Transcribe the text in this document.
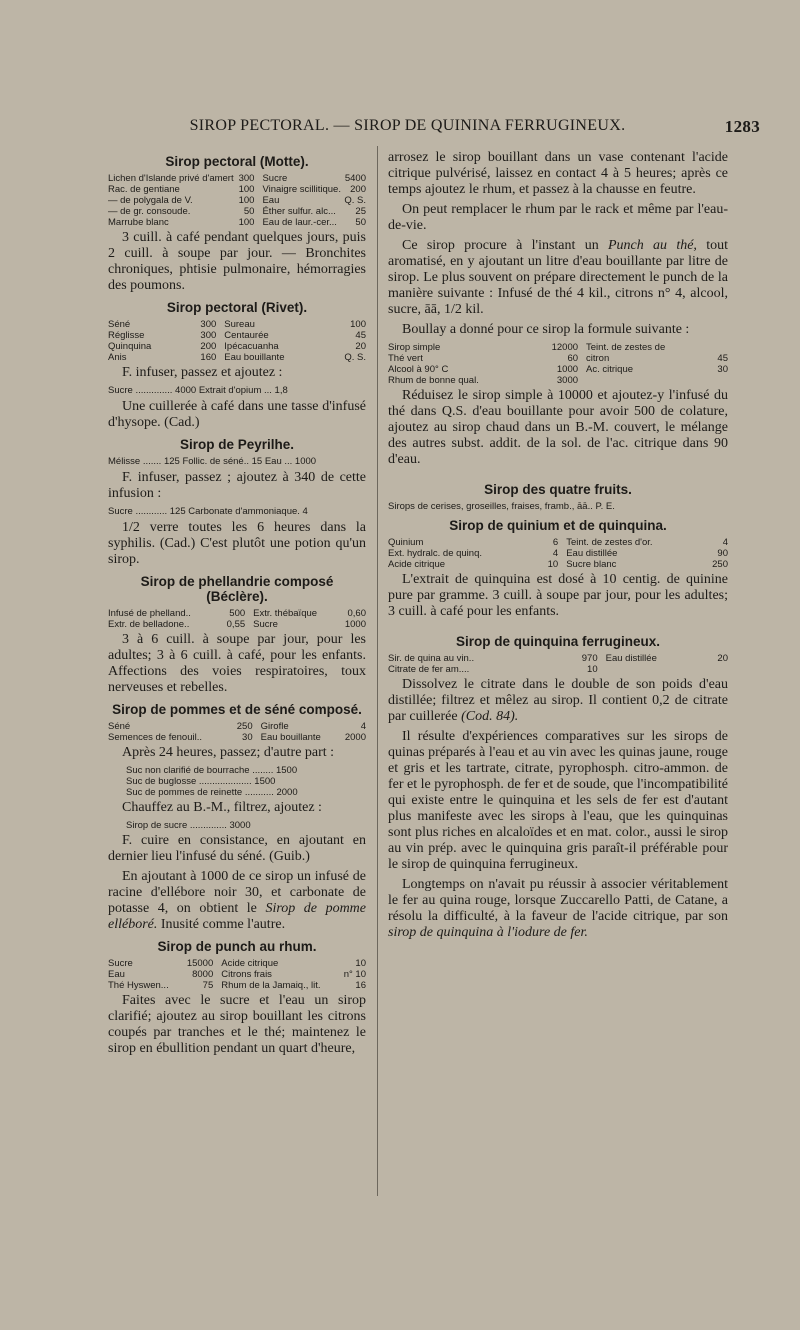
SIROP PECTORAL. — SIROP DE QUININA FERRUGINEUX.	1283
Sirop pectoral (Motte).
Lichen d'Islande privé d'amert	300	Sucre	5400
Rac. de gentiane	100	Vinaigre scillitique.	200
— de polygala de V.	100	Eau	Q. S.
— de gr. consoude.	50	Éther sulfur. alc...	25
Marrube blanc	100	Eau de laur.-cer...	50

3 cuill. à café pendant quelques jours, puis 2 cuill. à soupe par jour. — Bronchites chroniques, phtisie pulmonaire, hémorragies des poumons.

Sirop pectoral (Rivet).
Séné	300	Sureau	100
Réglisse	300	Centaurée	45
Quinquina	200	Ipécacuanha	20
Anis	160	Eau bouillante	Q. S.

F. infuser, passez et ajoutez :

Sucre .............. 4000 Extrait d'opium ... 1,8

Une cuillerée à café dans une tasse d'infusé d'hysope. (Cad.)

Sirop de Peyrilhe.
Mélisse ....... 125 Follic. de séné.. 15 Eau ... 1000

F. infuser, passez ; ajoutez à 340 de cette infusion :

Sucre ............ 125 Carbonate d'ammoniaque. 4

1/2 verre toutes les 6 heures dans la syphilis. (Cad.) C'est plutôt une potion qu'un sirop.

Sirop de phellandrie composé (Béclère).
Infusé de phelland..	500	Extr. thébaïque	0,60
Extr. de belladone..	0,55	Sucre	1000

3 à 6 cuill. à soupe par jour, pour les adultes; 3 à 6 cuill. à café, pour les enfants. Affections des voies respiratoires, toux nerveuses et rebelles.

Sirop de pommes et de séné composé.
Séné	250	Girofle	4
Semences de fenouil..	30	Eau bouillante	2000

Après 24 heures, passez; d'autre part :

Suc non clarifié de bourrache ........ 1500
Suc de buglosse .................... 1500
Suc de pommes de reinette ........... 2000

Chauffez au B.-M., filtrez, ajoutez :

Sirop de sucre .............. 3000

F. cuire en consistance, en ajoutant en dernier lieu l'infusé du séné. (Guib.)

En ajoutant à 1000 de ce sirop un infusé de racine d'ellébore noir 30, et carbonate de potasse 4, on obtient le Sirop de pomme elléboré. Inusité comme l'autre.

Sirop de punch au rhum.
Sucre	15000	Acide citrique	10
Eau	8000	Citrons frais	n° 10
Thé Hyswen...	75	Rhum de la Jamaiq., lit.	16

Faites avec le sucre et l'eau un sirop clarifié; ajoutez au sirop bouillant les citrons coupés par tranches et le thé; maintenez le sirop en ébullition pendant un quart d'heure,

arrosez le sirop bouillant dans un vase contenant l'acide citrique pulvérisé, laissez en contact 4 à 5 heures; après ce temps ajoutez le rhum, et passez à la chausse en feutre.

On peut remplacer le rhum par le rack et même par l'eau-de-vie.

Ce sirop procure à l'instant un Punch au thé, tout aromatisé, en y ajoutant un litre d'eau bouillante par litre de sirop. Le plus souvent on prépare directement le punch de la manière suivante : Infusé de thé 4 kil., citrons n° 4, alcool, sucre, āā, 1/2 kil.

Boullay a donné pour ce sirop la formule suivante :

Sirop simple	12000	Teint. de zestes de	
Thé vert	60	citron	45
Alcool à 90° C	1000	Ac. citrique	30
Rhum de bonne qual.	3000		

Réduisez le sirop simple à 10000 et ajoutez-y l'infusé du thé dans Q.S. d'eau bouillante pour avoir 500 de colature, ajoutez au sirop chaud dans un B.-M. couvert, le mélange des autres subst. addit. de la sol. de l'ac. citrique dans 90 d'eau.

Sirop des quatre fruits.
Sirops de cerises, groseilles, fraises, framb., āā.. P. E.
Sirop de quinium et de quinquina.
Quinium	6	Teint. de zestes d'or.	4
Ext. hydralc. de quinq.	4	Eau distillée	90
Acide citrique	10	Sucre blanc	250

L'extrait de quinquina est dosé à 10 centig. de quinine pure par gramme. 3 cuill. à soupe par jour, pour les adultes; 3 cuill. à café pour les enfants.

Sirop de quinquina ferrugineux.
Sir. de quina au vin..	970	Eau distillée	20
Citrate de fer am....	10		

Dissolvez le citrate dans le double de son poids d'eau distillée; filtrez et mêlez au sirop. Il contient 0,2 de citrate par cuillerée (Cod. 84).

Il résulte d'expériences comparatives sur les sirops de quinas préparés à l'eau et au vin avec les quinas jaune, rouge et gris et les tartrate, citrate, pyrophosph. citro-ammon. de fer et le pyrophosph. de fer et de soude, que l'incompatibilité qui existe entre le quinquina et les sels de fer est d'autant plus manifeste avec les sirops à l'eau, que les quinquinas sont plus riches en alcaloïdes et en mat. color., aussi le sirop au vin prép. avec le quinquina gris paraît-il préférable pour le sirop de quinquina ferrugineux.

Longtemps on n'avait pu réussir à associer véritablement le fer au quina rouge, lorsque Zuccarello Patti, de Catane, a résolu la difficulté, à la faveur de l'acide citrique, par son sirop de quinquina à l'iodure de fer.
